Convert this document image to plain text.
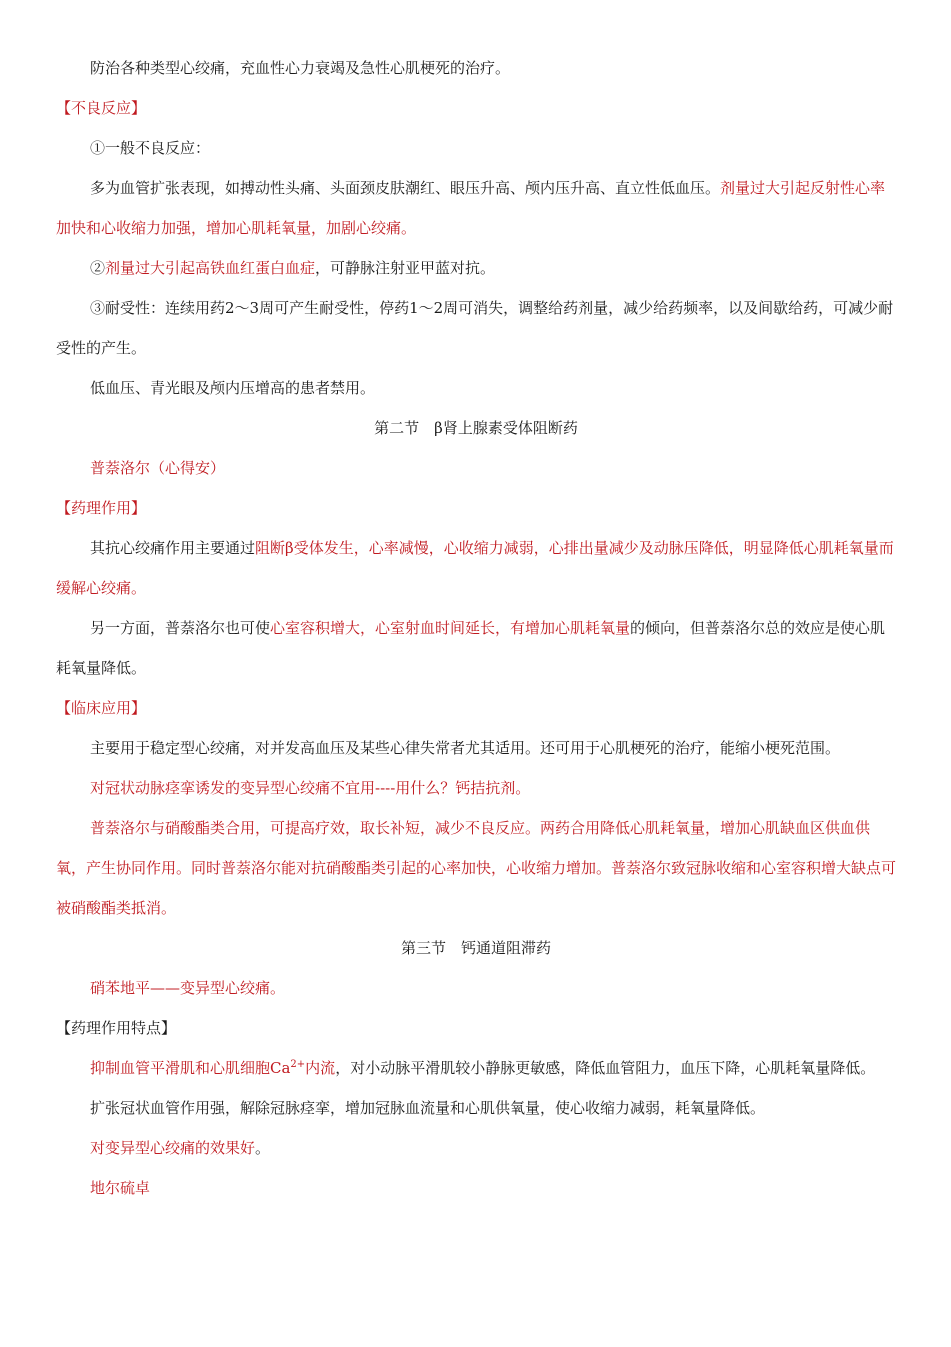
防治各种类型心绞痛，充血性心力衰竭及急性心肌梗死的治疗。

【不良反应】

①一般不良反应：

多为血管扩张表现，如搏动性头痛、头面颈皮肤潮红、眼压升高、颅内压升高、直立性低血压。剂量过大引起反射性心率加快和心收缩力加强，增加心肌耗氧量，加剧心绞痛。

②剂量过大引起高铁血红蛋白血症，可静脉注射亚甲蓝对抗。

③耐受性：连续用药2～3周可产生耐受性，停药1～2周可消失，调整给药剂量，减少给药频率，以及间歇给药，可减少耐受性的产生。

低血压、青光眼及颅内压增高的患者禁用。

第二节　β肾上腺素受体阻断药

普萘洛尔（心得安）

【药理作用】

其抗心绞痛作用主要通过阻断β受体发生，心率减慢，心收缩力减弱，心排出量减少及动脉压降低，明显降低心肌耗氧量而缓解心绞痛。

另一方面，普萘洛尔也可使心室容积增大，心室射血时间延长，有增加心肌耗氧量的倾向，但普萘洛尔总的效应是使心肌耗氧量降低。

【临床应用】

主要用于稳定型心绞痛，对并发高血压及某些心律失常者尤其适用。还可用于心肌梗死的治疗，能缩小梗死范围。

对冠状动脉痉挛诱发的变异型心绞痛不宜用----用什么？钙拮抗剂。

普萘洛尔与硝酸酯类合用，可提高疗效，取长补短，减少不良反应。两药合用降低心肌耗氧量，增加心肌缺血区供血供氧，产生协同作用。同时普萘洛尔能对抗硝酸酯类引起的心率加快，心收缩力增加。普萘洛尔致冠脉收缩和心室容积增大缺点可被硝酸酯类抵消。

第三节　钙通道阻滞药

硝苯地平——变异型心绞痛。

【药理作用特点】

抑制血管平滑肌和心肌细胞$Ca^{2+}$内流，对小动脉平滑肌较小静脉更敏感，降低血管阻力，血压下降，心肌耗氧量降低。

扩张冠状血管作用强，解除冠脉痉挛，增加冠脉血流量和心肌供氧量，使心收缩力减弱，耗氧量降低。

对变异型心绞痛的效果好。

地尔硫卓
